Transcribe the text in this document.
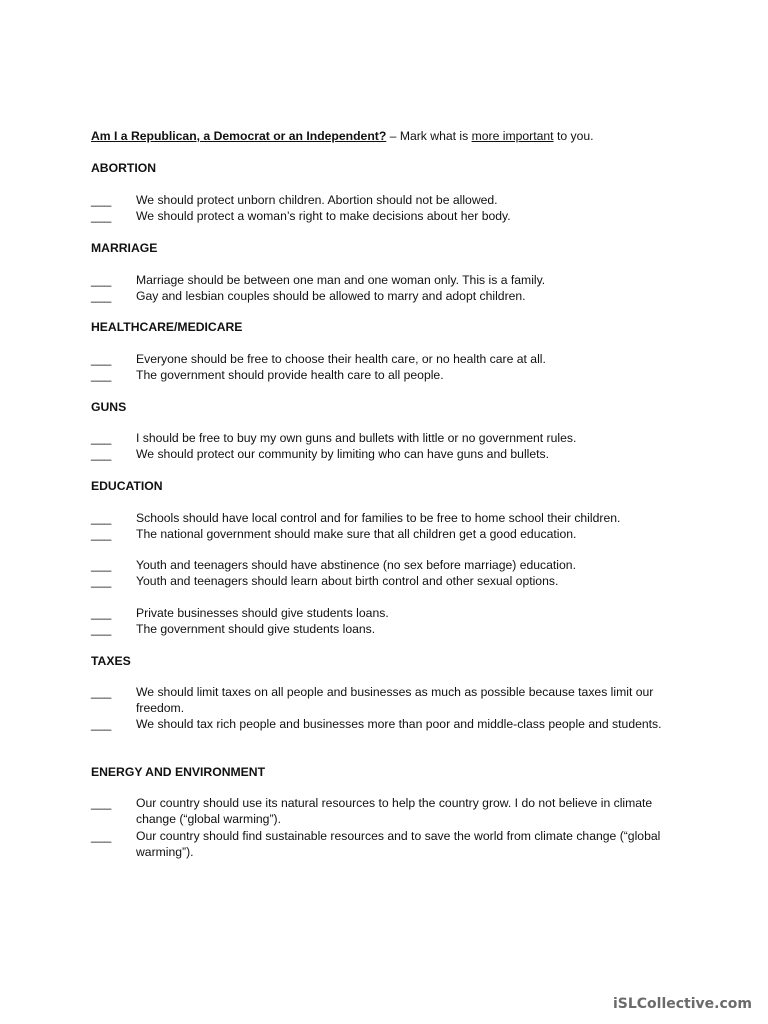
Am I a Republican, a Democrat or an Independent? – Mark what is more important to you.
ABORTION
___	We should protect unborn children. Abortion should not be allowed.
___	We should protect a woman’s right to make decisions about her body.
MARRIAGE
___	Marriage should be between one man and one woman only. This is a family.
___	Gay and lesbian couples should be allowed to marry and adopt children.
HEALTHCARE/MEDICARE
___	Everyone should be free to choose their health care, or no health care at all.
___	The government should provide health care to all people.
GUNS
___	I should be free to buy my own guns and bullets with little or no government rules.
___	We should protect our community by limiting who can have guns and bullets.
EDUCATION
___	Schools should have local control and for families to be free to home school their children.
___	The national government should make sure that all children get a good education.
___	Youth and teenagers should have abstinence (no sex before marriage) education.
___	Youth and teenagers should learn about birth control and other sexual options.
___	Private businesses should give students loans.
___	The government should give students loans.
TAXES
___	We should limit taxes on all people and businesses as much as possible because taxes limit our freedom.
___	We should tax rich people and businesses more than poor and middle-class people and students.
ENERGY AND ENVIRONMENT
___	Our country should use its natural resources to help the country grow. I do not believe in climate change (“global warming”).
___	Our country should find sustainable resources and to save the world from climate change (“global warming”).
iSLCollective.com
